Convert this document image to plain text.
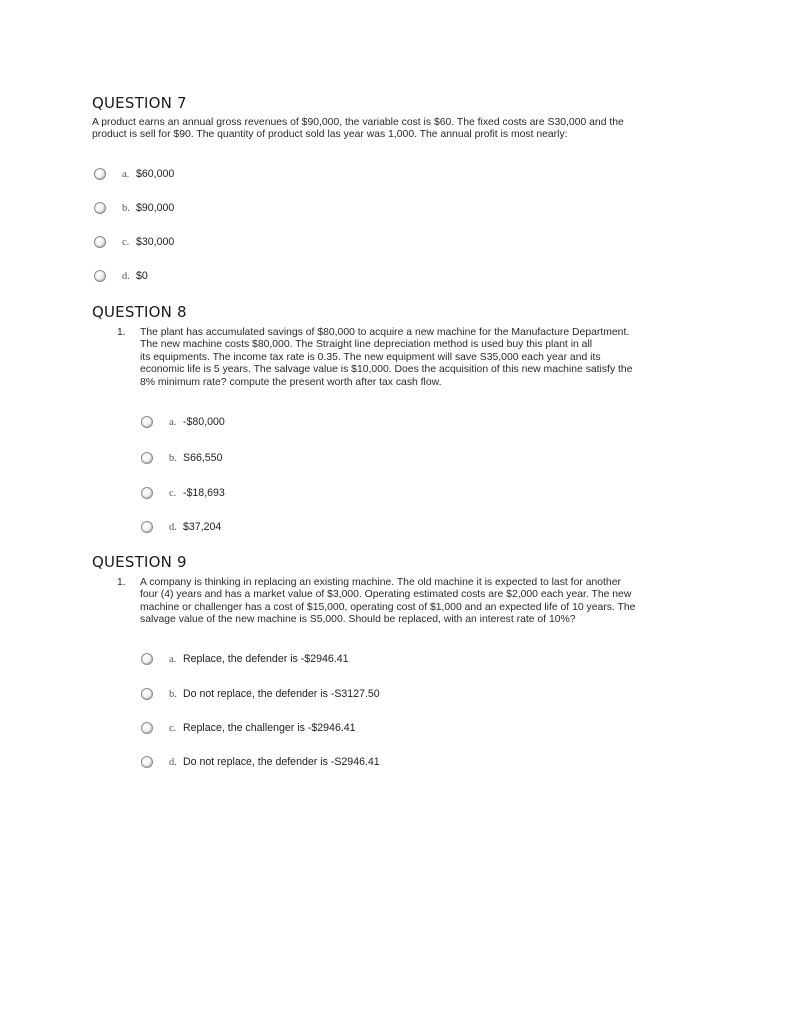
QUESTION 7
A product earns an annual gross revenues of $90,000, the variable cost is $60. The fixed costs are S30,000 and the
product is sell for $90. The quantity of product sold las year was 1,000. The annual profit is most nearly:
a. $60,000
b. $90,000
c. $30,000
d. $0
QUESTION 8
1. The plant has accumulated savings of $80,000 to acquire a new machine for the Manufacture Department.
The new machine costs $80,000. The Straight line depreciation method is used buy this plant in all
its equipments. The income tax rate is 0.35. The new equipment will save S35,000 each year and its
economic life is 5 years. The salvage value is $10,000. Does the acquisition of this new machine satisfy the
8% minimum rate? compute the present worth after tax cash flow.
a. -$80,000
b. S66,550
c. -$18,693
d. $37,204
QUESTION 9
1. A company is thinking in replacing an existing machine. The old machine it is expected to last for another
four (4) years and has a market value of $3,000. Operating estimated costs are $2,000 each year. The new
machine or challenger has a cost of $15,000, operating cost of $1,000 and an expected life of 10 years. The
salvage value of the new machine is S5,000. Should be replaced, with an interest rate of 10%?
a. Replace, the defender is -$2946.41
b. Do not replace, the defender is -S3127.50
c. Replace, the challenger is -$2946.41
d. Do not replace, the defender is -S2946.41
